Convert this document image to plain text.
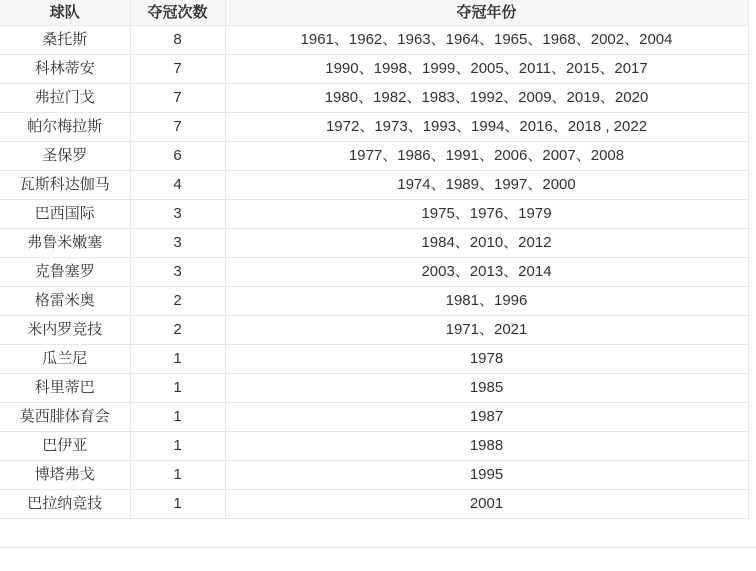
球队	夺冠次数	夺冠年份
桑托斯	8	1961、1962、1963、1964、1965、1968、2002、2004
科林蒂安	7	1990、1998、1999、2005、2011、2015、2017
弗拉门戈	7	1980、1982、1983、1992、2009、2019、2020
帕尔梅拉斯	7	1972、1973、1993、1994、2016、2018 , 2022
圣保罗	6	1977、1986、1991、2006、2007、2008
瓦斯科达伽马	4	1974、1989、1997、2000
巴西国际	3	1975、1976、1979
弗鲁米嫩塞	3	1984、2010、2012
克鲁塞罗	3	2003、2013、2014
格雷米奥	2	1981、1996
米内罗竞技	2	1971、2021
瓜兰尼	1	1978
科里蒂巴	1	1985
莫西腓体育会	1	1987
巴伊亚	1	1988
博塔弗戈	1	1995
巴拉纳竞技	1	2001
